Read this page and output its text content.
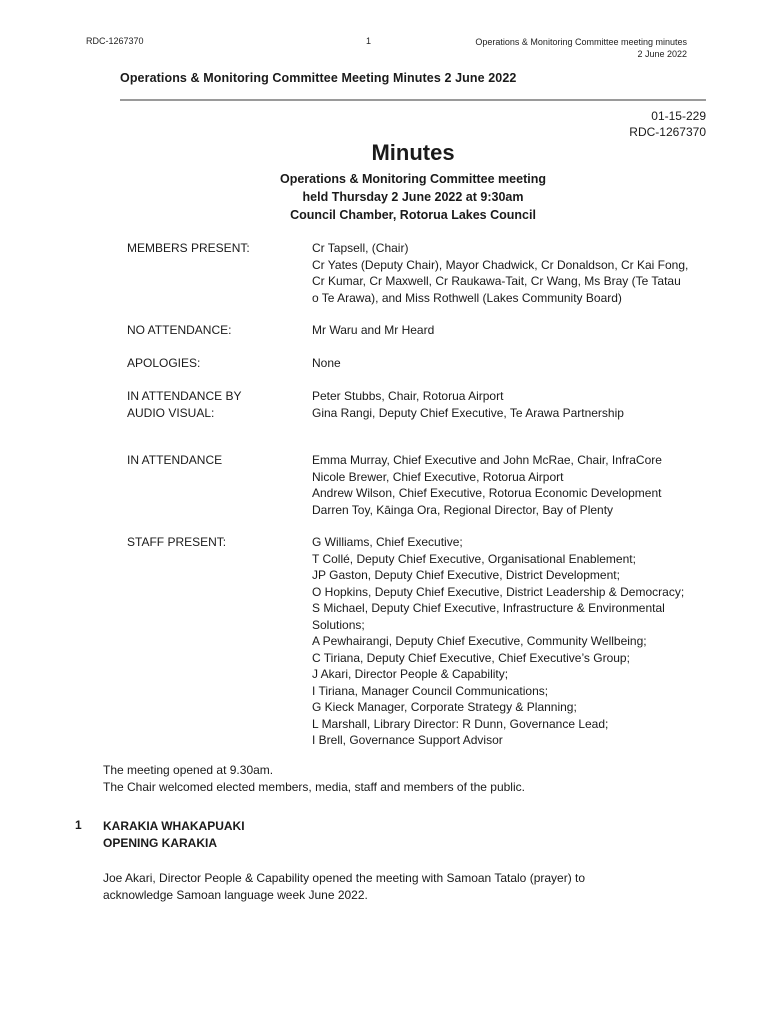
RDC-1267370	1	Operations & Monitoring Committee meeting minutes
2 June 2022
Operations & Monitoring Committee Meeting Minutes 2 June 2022
01-15-229
RDC-1267370
Minutes
Operations & Monitoring Committee meeting
held Thursday 2 June 2022 at 9:30am
Council Chamber, Rotorua Lakes Council
MEMBERS PRESENT:	Cr Tapsell, (Chair)
Cr Yates (Deputy Chair), Mayor Chadwick, Cr Donaldson, Cr Kai Fong,
Cr Kumar, Cr Maxwell, Cr Raukawa-Tait, Cr Wang, Ms Bray (Te Tatau
o Te Arawa), and Miss Rothwell (Lakes Community Board)
NO ATTENDANCE:	Mr Waru and Mr Heard
APOLOGIES:	None
IN ATTENDANCE BY
AUDIO VISUAL:
Peter Stubbs, Chair, Rotorua Airport
Gina Rangi, Deputy Chief Executive, Te Arawa Partnership
IN ATTENDANCE	Emma Murray, Chief Executive and John McRae, Chair, InfraCore
Nicole Brewer, Chief Executive, Rotorua Airport
Andrew Wilson, Chief Executive, Rotorua Economic Development
Darren Toy, Kāinga Ora, Regional Director, Bay of Plenty
STAFF PRESENT:	G Williams, Chief Executive;
T Collé, Deputy Chief Executive, Organisational Enablement;
JP Gaston, Deputy Chief Executive, District Development;
O Hopkins, Deputy Chief Executive, District Leadership & Democracy;
S Michael, Deputy Chief Executive, Infrastructure & Environmental
Solutions;
A Pewhairangi, Deputy Chief Executive, Community Wellbeing;
C Tiriana, Deputy Chief Executive, Chief Executive’s Group;
J Akari, Director People & Capability;
I Tiriana, Manager Council Communications;
G Kieck Manager, Corporate Strategy & Planning;
L Marshall, Library Director: R Dunn, Governance Lead;
I Brell, Governance Support Advisor
The meeting opened at 9.30am.
The Chair welcomed elected members, media, staff and members of the public.
1 KARAKIA WHAKAPUAKI
OPENING KARAKIA
Joe Akari, Director People & Capability opened the meeting with Samoan Tatalo (prayer) to
acknowledge Samoan language week June 2022.
